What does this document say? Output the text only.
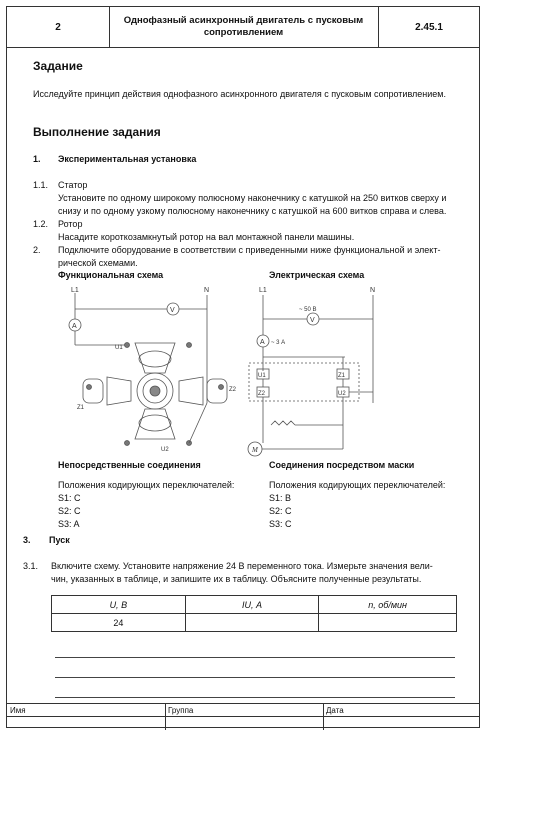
2
Однофазный асинхронный двигатель с пусковым сопротивлением	2.45.1
Задание
Исследуйте принцип действия однофазного асинхронного двигателя с пусковым сопротивлением.
Выполнение задания
1. Экспериментальная установка
1.1. Статор
Установите по одному широкому полюсному наконечнику с катушкой на 250 витков сверху и
снизу и по одному узкому полюсному наконечнику с катушкой на 600 витков справа и слева.
1.2. Ротор
Насадите короткозамкнутый ротор на вал монтажной панели машины.
2. Подключите оборудование в соответствии с приведенными ниже функциональной и элект-
рической схемами.
Функциональная схема	Электрическая схема
L1	N
V
A
U1
U2
Z1
Z2
L1	N
~ 50 В
V
A ~ 3 А
U1
Z2
Z1
U2
M
Непосредственные соединения	Соединения посредством маски
Положения кодирующих переключателей:
S1: C
S2: C
S3: A
Положения кодирующих переключателей:
S1: B
S2: C
S3: C
3. Пуск
3.1. Включите схему. Установите напряжение 24 В переменного тока. Измерьте значения вели-
чин, указанных в таблице, и запишите их в таблицу. Объясните полученные результаты.
U, В	IU, А	n, об/мин
24		
Имя	Группа	Дата
